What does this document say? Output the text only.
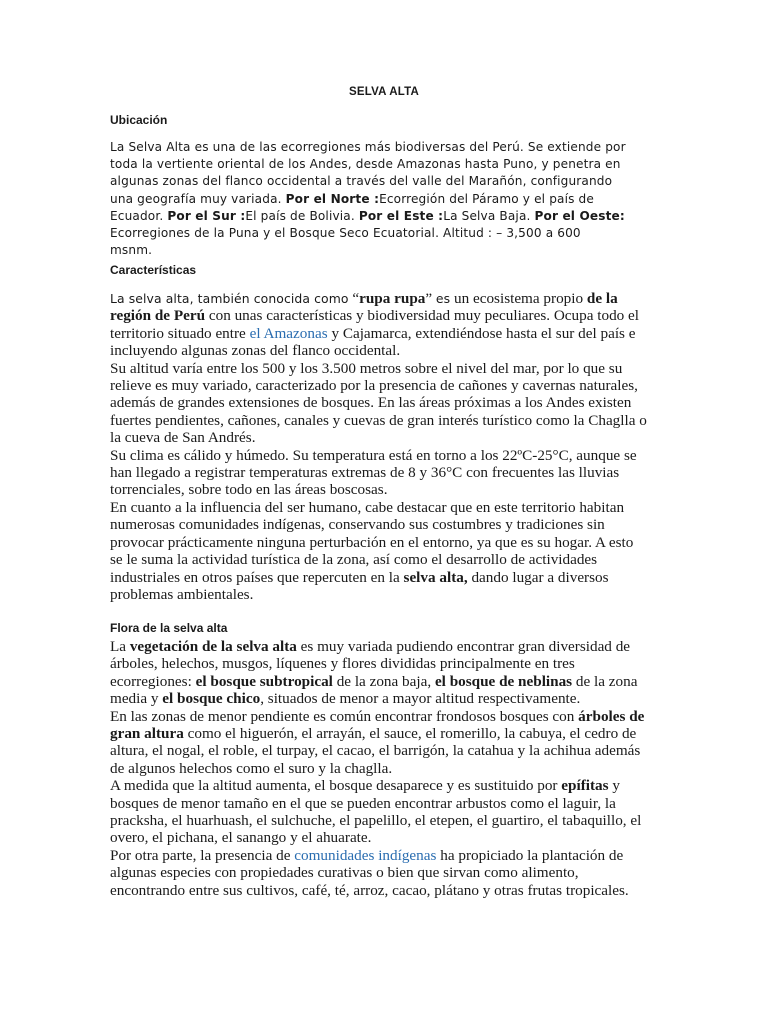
SELVA ALTA
Ubicación
La Selva Alta es una de las ecorregiones más biodiversas del Perú. Se extiende por
toda la vertiente oriental de los Andes, desde Amazonas hasta Puno, y penetra en
algunas zonas del flanco occidental a través del valle del Marañón, configurando
una geografía muy variada. Por el Norte :Ecorregión del Páramo y el país de
Ecuador. Por el Sur :El país de Bolivia. Por el Este :La Selva Baja. Por el Oeste:
Ecorregiones de la Puna y el Bosque Seco Ecuatorial. Altitud : – 3,500 a 600
msnm.
Características

La selva alta, también conocida como “rupa rupa” es un ecosistema propio de la
región de Perú con unas características y biodiversidad muy peculiares. Ocupa todo el
territorio situado entre el Amazonas y Cajamarca, extendiéndose hasta el sur del país e
incluyendo algunas zonas del flanco occidental.

Su altitud varía entre los 500 y los 3.500 metros sobre el nivel del mar, por lo que su
relieve es muy variado, caracterizado por la presencia de cañones y cavernas naturales,
además de grandes extensiones de bosques. En las áreas próximas a los Andes existen
fuertes pendientes, cañones, canales y cuevas de gran interés turístico como la Chaglla o
la cueva de San Andrés.

Su clima es cálido y húmedo. Su temperatura está en torno a los 22ºC-25°C, aunque se
han llegado a registrar temperaturas extremas de 8 y 36°C con frecuentes las lluvias
torrenciales, sobre todo en las áreas boscosas.

En cuanto a la influencia del ser humano, cabe destacar que en este territorio habitan
numerosas comunidades indígenas, conservando sus costumbres y tradiciones sin
provocar prácticamente ninguna perturbación en el entorno, ya que es su hogar. A esto
se le suma la actividad turística de la zona, así como el desarrollo de actividades
industriales en otros países que repercuten en la selva alta, dando lugar a diversos
problemas ambientales.

Flora de la selva alta

La vegetación de la selva alta es muy variada pudiendo encontrar gran diversidad de
árboles, helechos, musgos, líquenes y flores divididas principalmente en tres
ecorregiones: el bosque subtropical de la zona baja, el bosque de neblinas de la zona
media y el bosque chico, situados de menor a mayor altitud respectivamente.

En las zonas de menor pendiente es común encontrar frondosos bosques con árboles de
gran altura como el higuerón, el arrayán, el sauce, el romerillo, la cabuya, el cedro de
altura, el nogal, el roble, el turpay, el cacao, el barrigón, la catahua y la achihua además
de algunos helechos como el suro y la chaglla.

A medida que la altitud aumenta, el bosque desaparece y es sustituido por epífitas y
bosques de menor tamaño en el que se pueden encontrar arbustos como el laguir, la
pracksha, el huarhuash, el sulchuche, el papelillo, el etepen, el guartiro, el tabaquillo, el
overo, el pichana, el sanango y el ahuarate.

Por otra parte, la presencia de comunidades indígenas ha propiciado la plantación de
algunas especies con propiedades curativas o bien que sirvan como alimento,
encontrando entre sus cultivos, café, té, arroz, cacao, plátano y otras frutas tropicales.
